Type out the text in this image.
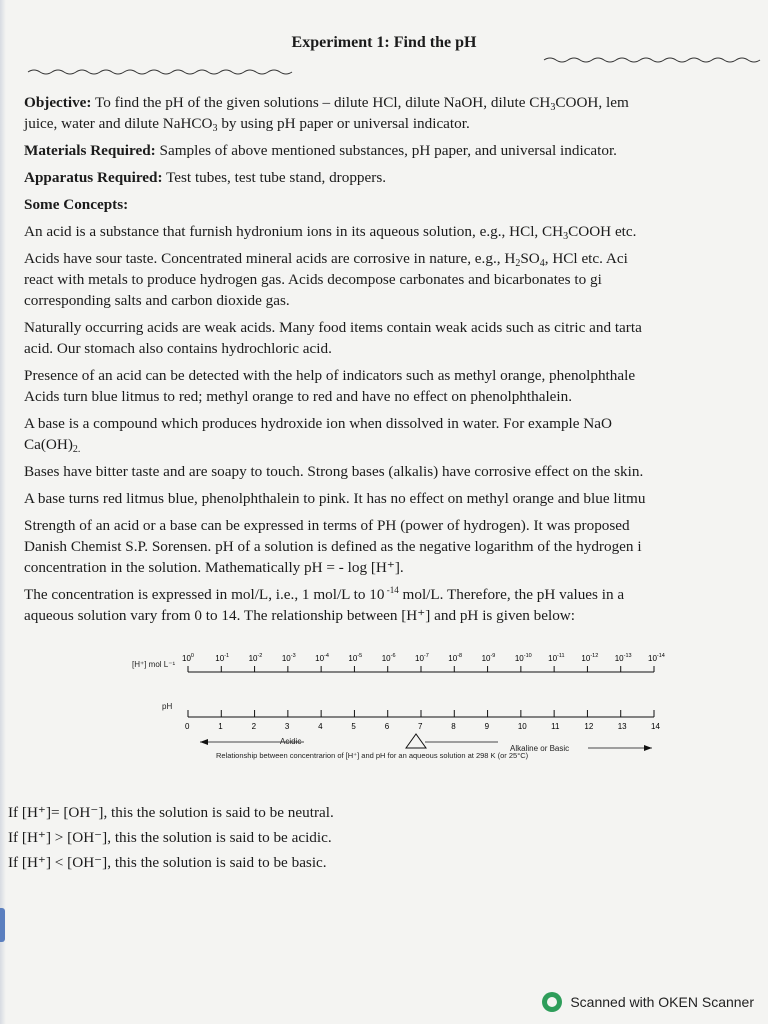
Experiment 1: Find the pH
Objective: To find the pH of the given solutions – dilute HCl, dilute NaOH, dilute $CH_3COOH$, lem
juice, water and dilute NaHCO$_3$ by using pH paper or universal indicator.
Materials Required: Samples of above mentioned substances, pH paper, and universal indicator.
Apparatus Required: Test tubes, test tube stand, droppers.
Some Concepts:
An acid is a substance that furnish hydronium ions in its aqueous solution, e.g., HCl, $CH_3COOH$ etc.
Acids have sour taste. Concentrated mineral acids are corrosive in nature, e.g., $H_2SO_4$, HCl etc. Aci
react with metals to produce hydrogen gas. Acids decompose carbonates and bicarbonates to gi
corresponding salts and carbon dioxide gas.
Naturally occurring acids are weak acids. Many food items contain weak acids such as citric and tarta
acid. Our stomach also contains hydrochloric acid.
Presence of an acid can be detected with the help of indicators such as methyl orange, phenolphthale
Acids turn blue litmus to red; methyl orange to red and have no effect on phenolphthalein.
A base is a compound which produces hydroxide ion when dissolved in water. For example NaO
$Ca(OH)_{2.}$
Bases have bitter taste and are soapy to touch. Strong bases (alkalis) have corrosive effect on the skin.
A base turns red litmus blue, phenolphthalein to pink. It has no effect on methyl orange and blue litmu
Strength of an acid or a base can be expressed in terms of PH (power of hydrogen). It was proposed
Danish Chemist S.P. Sorensen. pH of a solution is defined as the negative logarithm of the hydrogen i
concentration in the solution. Mathematically pH = - log [H⁺].
The concentration is expressed in mol/L, i.e., 1 mol/L to 10 $^{-14}$ mol/L. Therefore, the pH values in a
aqueous solution vary from 0 to 14. The relationship between [H⁺] and pH is given below:
[H⁺] mol L⁻¹
pH
$10^0$	$10^{-1}$ $10^{-2}$ $10^{-3}$ $10^{-4}$ $10^{-5}$ $10^{-6}$ $10^{-7}$ $10^{-8}$ $10^{-9}$ $10^{-10}$ $10^{-11}$ $10^{-12}$ $10^{-13}$ $10^{-14}$
0	1	2	3	4	5	6	7	8	9	10	11	12	13	14
Acidic
Alkaline or Basic
Relationship between concentrarion of [H⁺] and pH for an aqueous solution at 298 K (or 25°C)
If [H⁺]= [OH⁻], this the solution is said to be neutral.
If [H⁺] > [OH⁻], this the solution is said to be acidic.
If [H⁺] < [OH⁻], this the solution is said to be basic.
Scanned with OKEN Scanner
